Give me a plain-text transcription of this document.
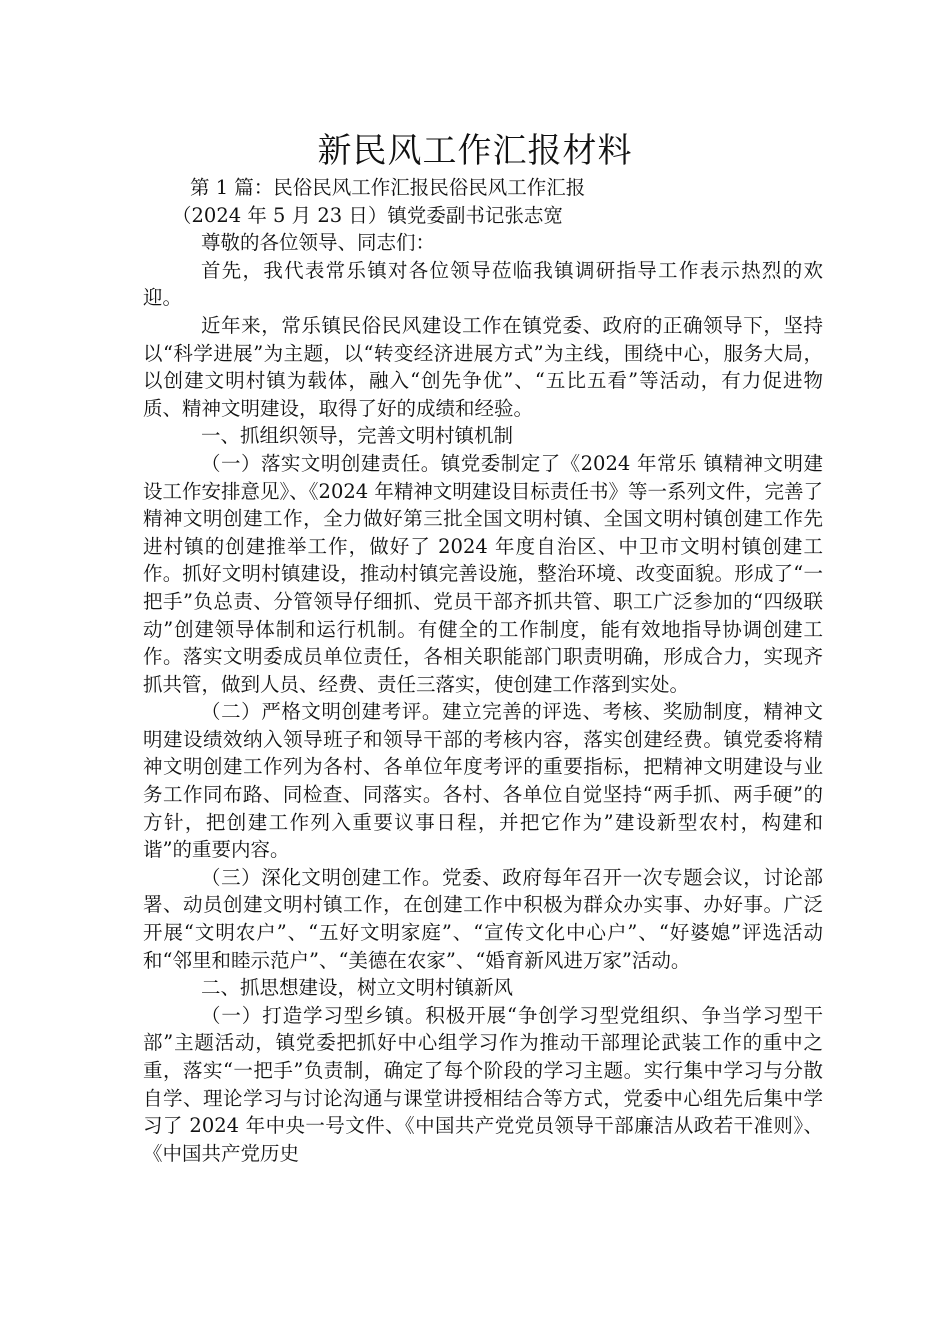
新民风工作汇报材料

第 1 篇：民俗民风工作汇报民俗民风工作汇报

（2024 年 5 月 23 日）镇党委副书记张志宽

尊敬的各位领导、同志们：

首先，我代表常乐镇对各位领导莅临我镇调研指导工作表示热烈的欢迎。

近年来，常乐镇民俗民风建设工作在镇党委、政府的正确领导下，坚持以“科学进展”为主题，以“转变经济进展方式”为主线，围绕中心，服务大局，以创建文明村镇为载体，融入“创先争优”、“五比五看”等活动，有力促进物质、精神文明建设，取得了好的成绩和经验。

一、抓组织领导，完善文明村镇机制

（一）落实文明创建责任。镇党委制定了《2024 年常乐 镇精神文明建设工作安排意见》、《2024 年精神文明建设目标责任书》等一系列文件，完善了精神文明创建工作，全力做好第三批全国文明村镇、全国文明村镇创建工作先进村镇的创建推举工作，做好了 2024 年度自治区、中卫市文明村镇创建工作。抓好文明村镇建设，推动村镇完善设施，整治环境、改变面貌。形成了“一把手”负总责、分管领导仔细抓、党员干部齐抓共管、职工广泛参加的“四级联动”创建领导体制和运行机制。有健全的工作制度，能有效地指导协调创建工作。落实文明委成员单位责任，各相关职能部门职责明确，形成合力，实现齐抓共管，做到人员、经费、责任三落实，使创建工作落到实处。

（二）严格文明创建考评。建立完善的评选、考核、奖励制度，精神文明建设绩效纳入领导班子和领导干部的考核内容，落实创建经费。镇党委将精神文明创建工作列为各村、各单位年度考评的重要指标，把精神文明建设与业务工作同布路、同检查、同落实。各村、各单位自觉坚持“两手抓、两手硬”的方针，把创建工作列入重要议事日程，并把它作为”建设新型农村，构建和谐”的重要内容。

（三）深化文明创建工作。党委、政府每年召开一次专题会议，讨论部署、动员创建文明村镇工作，在创建工作中积极为群众办实事、办好事。广泛开展“文明农户”、“五好文明家庭”、“宣传文化中心户”、“好婆媳”评选活动和“邻里和睦示范户”、“美德在农家”、“婚育新风进万家”活动。

二、抓思想建设，树立文明村镇新风

（一）打造学习型乡镇。积极开展“争创学习型党组织、争当学习型干部”主题活动，镇党委把抓好中心组学习作为推动干部理论武装工作的重中之重，落实“一把手”负责制，确定了每个阶段的学习主题。实行集中学习与分散自学、理论学习与讨论沟通与课堂讲授相结合等方式，党委中心组先后集中学习了 2024 年中央一号文件、《中国共产党党员领导干部廉洁从政若干准则》、《中国共产党历史
